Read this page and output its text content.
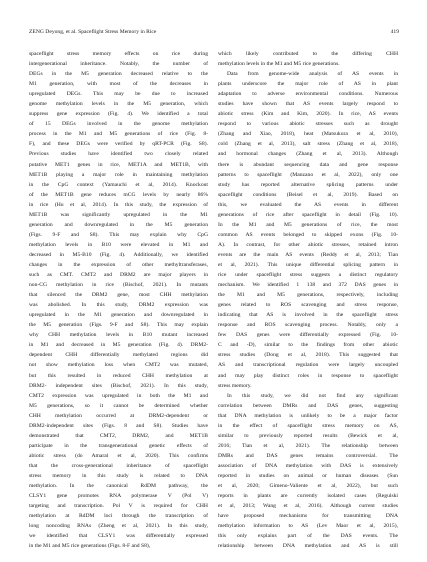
ZENG Deyong, et al. Spaceflight Stress Memory in Rice	419
spaceflight stress memory effects on rice during
intergenerational inheritance. Notably, the number of
DEGs in the M5 generation decreased relative to the
M1 generation, with most of the decreases in
upregulated DEGs. This may be due to increased
genome methylation levels in the M5 generation, which
suppress gene expression (Fig. 4). We identified a total
of 15 DEGs involved in the genome methylation
process in the M1 and M5 generations of rice (Fig. 8-
F), and these DEGs were verified by qRT-PCR (Fig. S8).
Previous studies have identified two closely related
putative MET1 genes in rice, MET1A and MET1B, with
MET1B playing a major role in maintaining methylation
in the CpG context (Yamauchi et al, 2014). Knockout
of the MET1B gene reduces mCG levels by nearly 86%
in rice (Hu et al, 2014). In this study, the expression of
MET1B was significantly upregulated in the M1
generation and downregulated in the M5 generation
(Figs. 9-F and S8). This may explain why CpG
methylation levels in B10 were elevated in M1 and
decreased in M5-B10 (Fig. 4). Additionally, we identified
changes in the expression of other methyltransferases,
such as CMT. CMT2 and DRM2 are major players in
non-CG methylation in rice (Bischof, 2021). In mutants
that silenced the DRM2 gene, most CHH methylation
was abolished. In this study, DRM2 expression was
upregulated in the M1 generation and downregulated in
the M5 generation (Figs. 9-F and S8). This may explain
why CHH methylation levels in B10 mutant increased
in M1 and decreased in M5 generation (Fig. 4). DRM2-
dependent CHH differentially methylated regions did
not show methylation loss when CMT2 was mutated,
but this resulted in reduced CHH methylation at
DRM2- independent sites (Bischof, 2021). In this study,
CMT2 expression was upregulated in both the M1 and
M5 generations, so it cannot be determined whether
CHH methylation occurred at DRM2-dependent or
DRM2-independent sites (Figs. 8 and S8). Studies have
demonstrated that CMT2, DRM2, and MET1B
participate in the transgenerational genetic effects of
abiotic stress (do Amaral et al, 2020). This confirms
that the cross-generational inheritance of spaceflight
stress memory in this study is related to DNA
methylation. In the canonical RdDM pathway, the
CLSY1 gene promotes RNA polymerase V (Pol V)
targeting and transcription. Pol V is required for CHH
methylation at RdDM loci through the transcription of
long noncoding RNAs (Zheng et al, 2021). In this study,
we identified that CLSY1 was differentially expressed
in the M1 and M5 rice generations (Figs. 8-F and S8),
which likely contributed to the differing CHH
methylation levels in the M1 and M5 rice generations.
Data from genome-wide analysis of AS events in
plants underscore the major role of AS in plant
adaptation to adverse environmental conditions. Numerous
studies have shown that AS events largely respond to
abiotic stress (Kim and Kim, 2020). In rice, AS events
respond to various abiotic stresses such as drought
(Zhang and Xiao, 2018), heat (Matsukura et al, 2010),
cold (Zhang et al, 2013), salt stress (Zhang et al, 2018),
and hormonal changes (Zhang et al, 2013). Although
there is abundant sequencing data and gene response
patterns to spaceflight (Manzano et al, 2022), only one
study has reported alternative splicing patterns under
spaceflight conditions (Beisel et al, 2019). Based on
this, we evaluated the AS events in different
generations of rice after spaceflight in detail (Fig. 10).
In the M1 and M5 generations of rice, the most
common AS events belonged to skipped exons (Fig. 10-
A). In contrast, for other abiotic stresses, retained intron
events are the main AS events (Reddy et al, 2013; Tian
et al, 2021). This unique differential splicing pattern in
rice under spaceflight stress suggests a distinct regulatory
mechanism. We identified 1 138 and 372 DAS genes in
the M1 and M5 generations, respectively, including
genes related to ROS scavenging and stress response,
indicating that AS is involved in the spaceflight stress
response and ROS scavenging process. Notably, only a
few DAS genes were differentially expressed (Fig. 10-
C and -D), similar to the findings from other abiotic
stress studies (Dong et al, 2018). This suggested that
AS and transcriptional regulation were largely uncoupled
and may play distinct roles in response to spaceflight
stress memory.
In this study, we did not find any significant
correlation between DMRs and DAS genes, suggesting
that DNA methylation is unlikely to be a major factor
in the effect of spaceflight stress memory on AS,
similar to previously reported results (Bewick et al,
2016; Tian et al, 2021). The relationship between
DMRs and DAS genes remains controversial. The
association of DNA methylation with DAS is extensively
reported in studies on animal or human diseases (Sun
et al, 2020; Gimeno-Valiente et al, 2022), but such
reports in plants are currently isolated cases (Regulski
et al, 2013; Wang et al, 2016). Although current studies
have proposed mechanisms for transmitting DNA
methylation information to AS (Lev Maor et al, 2015),
this only explains part of the DAS events. The
relationship between DNA methylation and AS is still
